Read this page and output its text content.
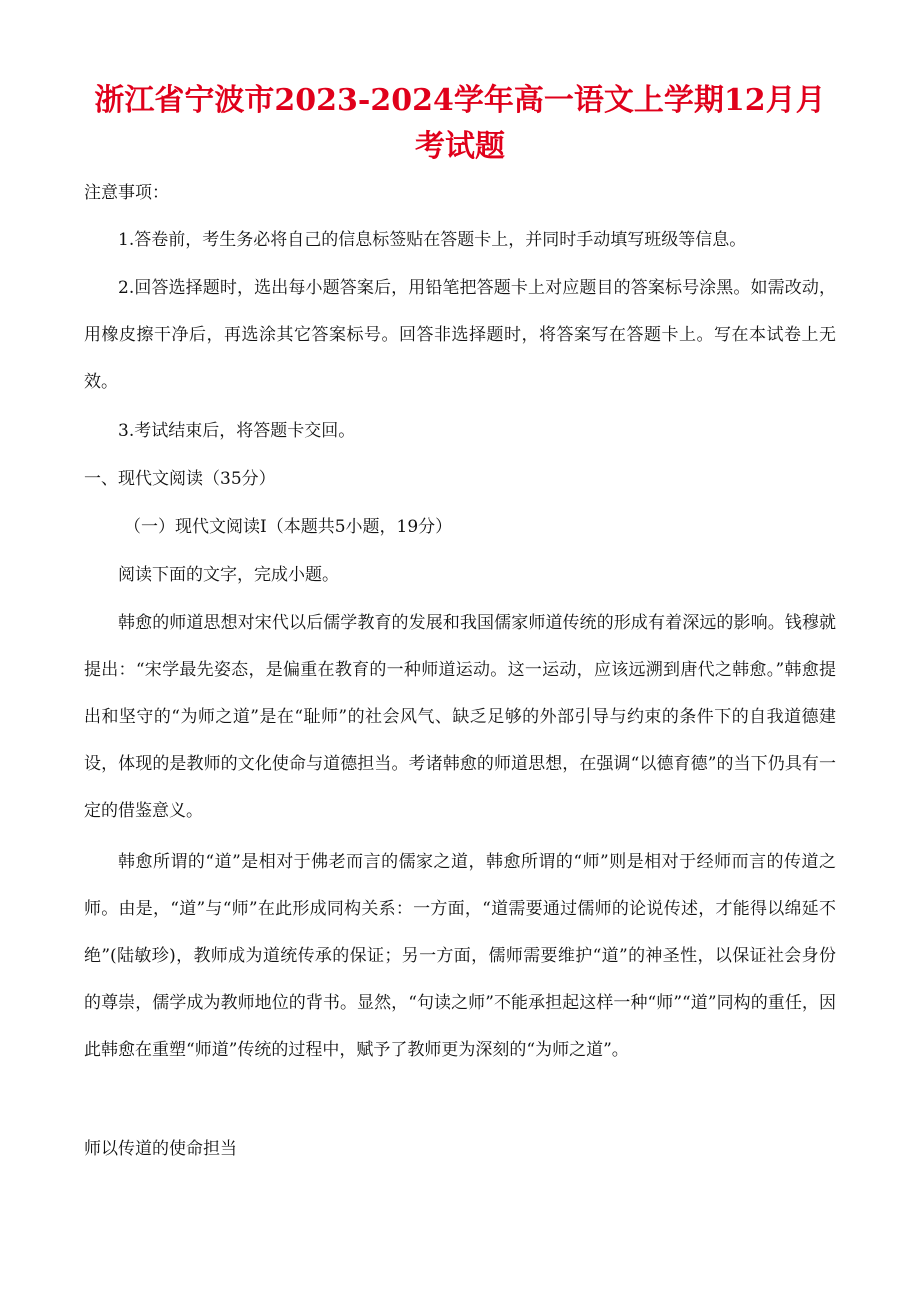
浙江省宁波市2023-2024学年高一语文上学期12月月考试题

注意事项：

1.答卷前，考生务必将自己的信息标签贴在答题卡上，并同时手动填写班级等信息。

2.回答选择题时，选出每小题答案后，用铅笔把答题卡上对应题目的答案标号涂黑。如需改动，用橡皮擦干净后，再选涂其它答案标号。回答非选择题时，将答案写在答题卡上。写在本试卷上无效。

3.考试结束后，将答题卡交回。

一、现代文阅读（35分）

（一）现代文阅读Ⅰ（本题共5小题，19分）

阅读下面的文字，完成小题。

韩愈的师道思想对宋代以后儒学教育的发展和我国儒家师道传统的形成有着深远的影响。钱穆就提出：“宋学最先姿态，是偏重在教育的一种师道运动。这一运动，应该远溯到唐代之韩愈。”韩愈提出和坚守的“为师之道”是在“耻师”的社会风气、缺乏足够的外部引导与约束的条件下的自我道德建设，体现的是教师的文化使命与道德担当。考诸韩愈的师道思想，在强调“以德育德”的当下仍具有一定的借鉴意义。

韩愈所谓的“道”是相对于佛老而言的儒家之道，韩愈所谓的“师”则是相对于经师而言的传道之师。由是，“道”与“师”在此形成同构关系：一方面，“道需要通过儒师的论说传述，才能得以绵延不绝”(陆敏珍)，教师成为道统传承的保证；另一方面，儒师需要维护“道”的神圣性，以保证社会身份的尊崇，儒学成为教师地位的背书。显然，“句读之师”不能承担起这样一种“师”“道”同构的重任，因此韩愈在重塑“师道”传统的过程中，赋予了教师更为深刻的“为师之道”。

师以传道的使命担当
